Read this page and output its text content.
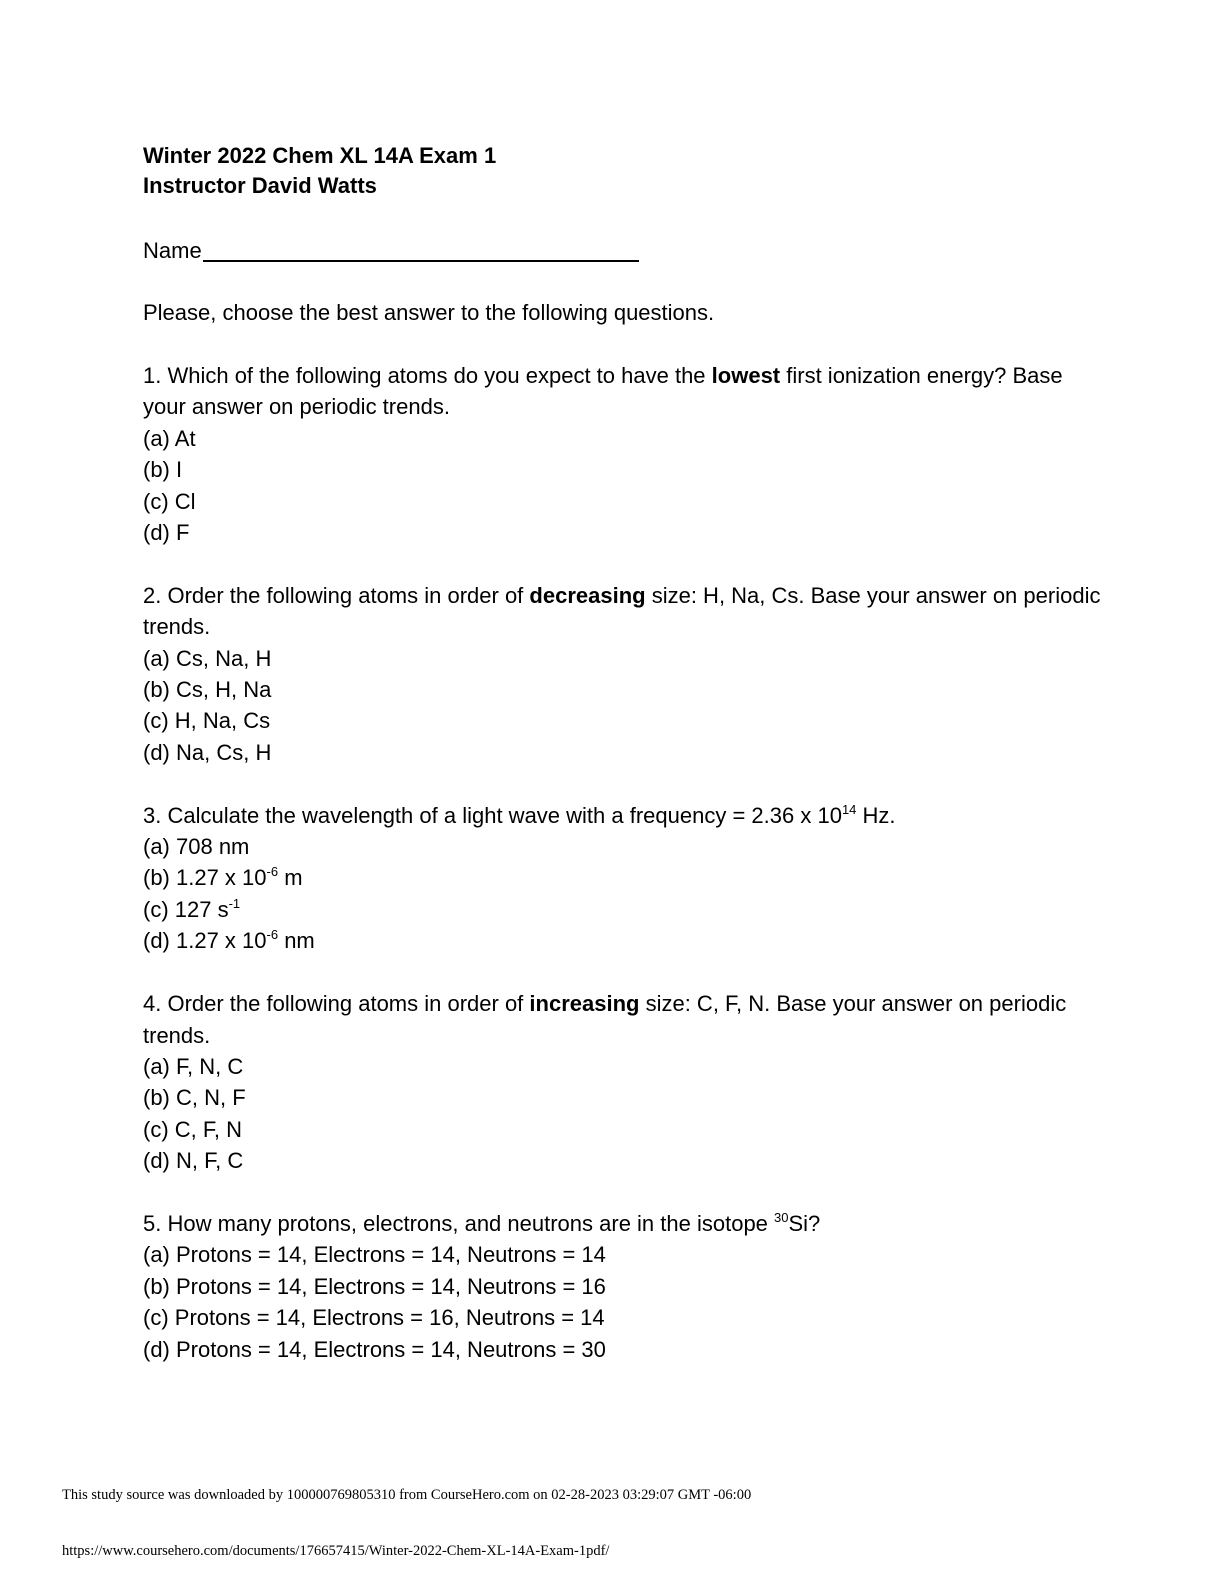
Winter 2022 Chem XL 14A Exam 1
Instructor David Watts
Name
Please, choose the best answer to the following questions.
1. Which of the following atoms do you expect to have the lowest first ionization energy? Base your answer on periodic trends.
(a) At
(b) I
(c) Cl
(d) F
2. Order the following atoms in order of decreasing size: H, Na, Cs. Base your answer on periodic trends.
(a) Cs, Na, H
(b) Cs, H, Na
(c) H, Na, Cs
(d) Na, Cs, H
3. Calculate the wavelength of a light wave with a frequency = 2.36 x $10^{14}$ Hz.
(a) 708 nm
(b) 1.27 x $10^{-6}$ m
(c) 127 $s^{-1}$
(d) 1.27 x $10^{-6}$ nm
4. Order the following atoms in order of increasing size: C, F, N. Base your answer on periodic trends.
(a) F, N, C
(b) C, N, F
(c) C, F, N
(d) N, F, C
5. How many protons, electrons, and neutrons are in the isotope $^{30}$Si?
(a) Protons = 14, Electrons = 14, Neutrons = 14
(b) Protons = 14, Electrons = 14, Neutrons = 16
(c) Protons = 14, Electrons = 16, Neutrons = 14
(d) Protons = 14, Electrons = 14, Neutrons = 30
This study source was downloaded by 100000769805310 from CourseHero.com on 02-28-2023 03:29:07 GMT -06:00
https://www.coursehero.com/documents/176657415/Winter-2022-Chem-XL-14A-Exam-1pdf/
